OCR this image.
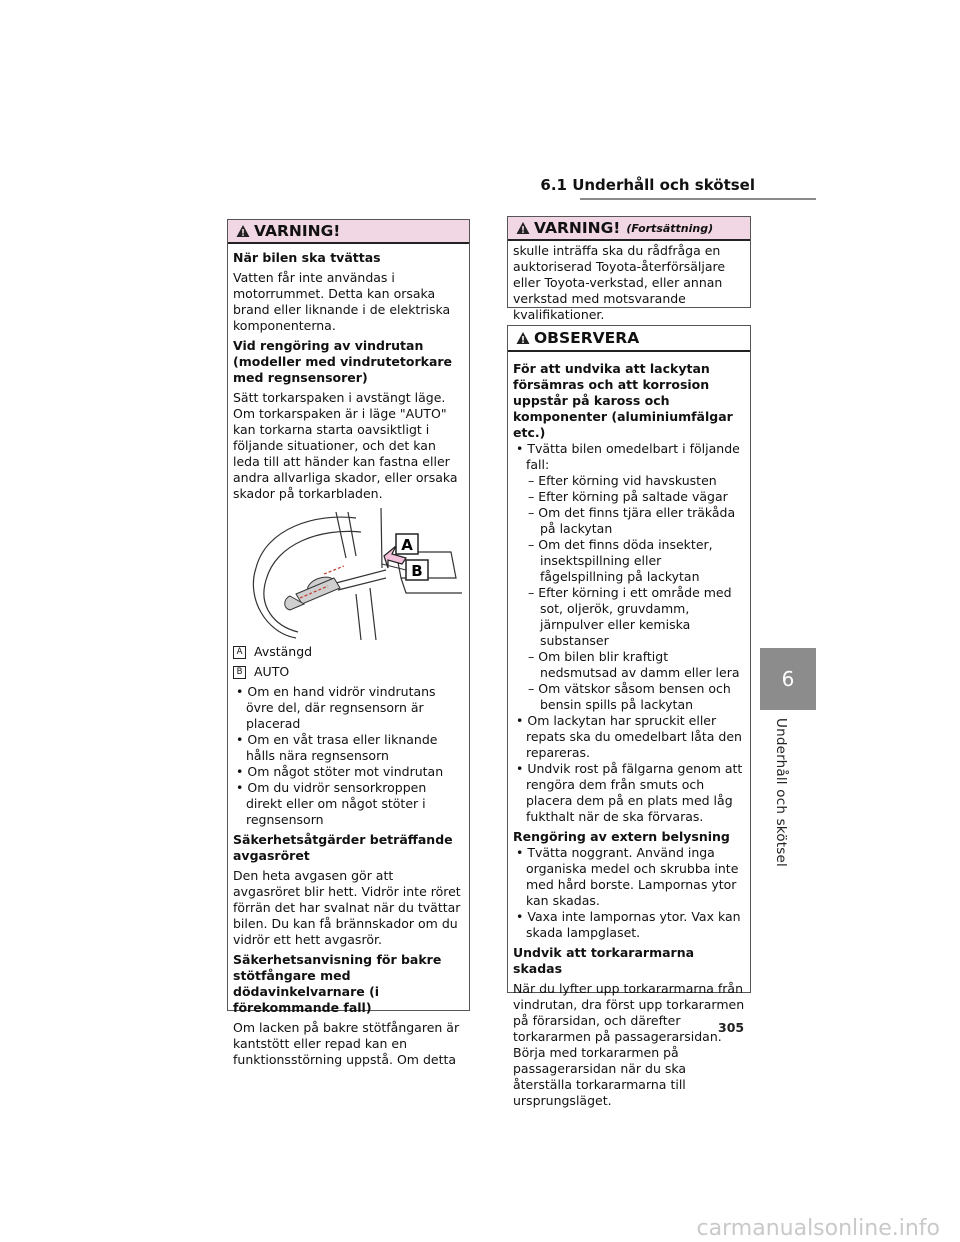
6.1 Underhåll och skötsel
VARNING!
När bilen ska tvättas

Vatten får inte användas i motorrummet. Detta kan orsaka brand eller liknande i de elektriska komponenterna.

Vid rengöring av vindrutan (modeller med vindrutetorkare med regnsensorer)

Sätt torkarspaken i avstängt läge. Om torkarspaken är i läge "AUTO" kan torkarna starta oavsiktligt i följande situationer, och det kan leda till att händer kan fastna eller andra allvarliga skador, eller orsaka skador på torkarbladen.

A
B
A Avstängd
B AUTO
• Om en hand vidrör vindrutans övre del, där regnsensorn är placerad
• Om en våt trasa eller liknande hålls nära regnsensorn
• Om något stöter mot vindrutan
• Om du vidrör sensorkroppen direkt eller om något stöter i regnsensorn
Säkerhetsåtgärder beträffande avgasröret

Den heta avgasen gör att avgasröret blir hett. Vidrör inte röret förrän det har svalnat när du tvättar bilen. Du kan få brännskador om du vidrör ett hett avgasrör.

Säkerhetsanvisning för bakre stötfångare med dödavinkelvarnare (i förekommande fall)

Om lacken på bakre stötfångaren är kantstött eller repad kan en funktionsstörning uppstå. Om detta

VARNING! (Fortsättning)

skulle inträffa ska du rådfråga en auktoriserad Toyota-återförsäljare eller Toyota-verkstad, eller annan verkstad med motsvarande kvalifikationer.

OBSERVERA
För att undvika att lackytan försämras och att korrosion uppstår på kaross och komponenter (aluminiumfälgar etc.)
• Tvätta bilen omedelbart i följande fall:
– Efter körning vid havskusten
– Efter körning på saltade vägar
– Om det finns tjära eller träkåda på lackytan
– Om det finns döda insekter, insektspillning eller fågelspillning på lackytan
– Efter körning i ett område med sot, oljerök, gruvdamm, järnpulver eller kemiska substanser
– Om bilen blir kraftigt nedsmutsad av damm eller lera
– Om vätskor såsom bensen och bensin spills på lackytan
• Om lackytan har spruckit eller repats ska du omedelbart låta den repareras.
• Undvik rost på fälgarna genom att rengöra dem från smuts och placera dem på en plats med låg fukthalt när de ska förvaras.
Rengöring av extern belysning
• Tvätta noggrant. Använd inga organiska medel och skrubba inte med hård borste. Lampornas ytor kan skadas.
• Vaxa inte lampornas ytor. Vax kan skada lampglaset.
Undvik att torkararmarna skadas

När du lyfter upp torkararmarna från vindrutan, dra först upp torkararmen på förarsidan, och därefter torkararmen på passagerarsidan. Börja med torkararmen på passagerarsidan när du ska återställa torkararmarna till ursprungsläget.

6
Underhåll och skötsel
305
carmanualsonline.info
